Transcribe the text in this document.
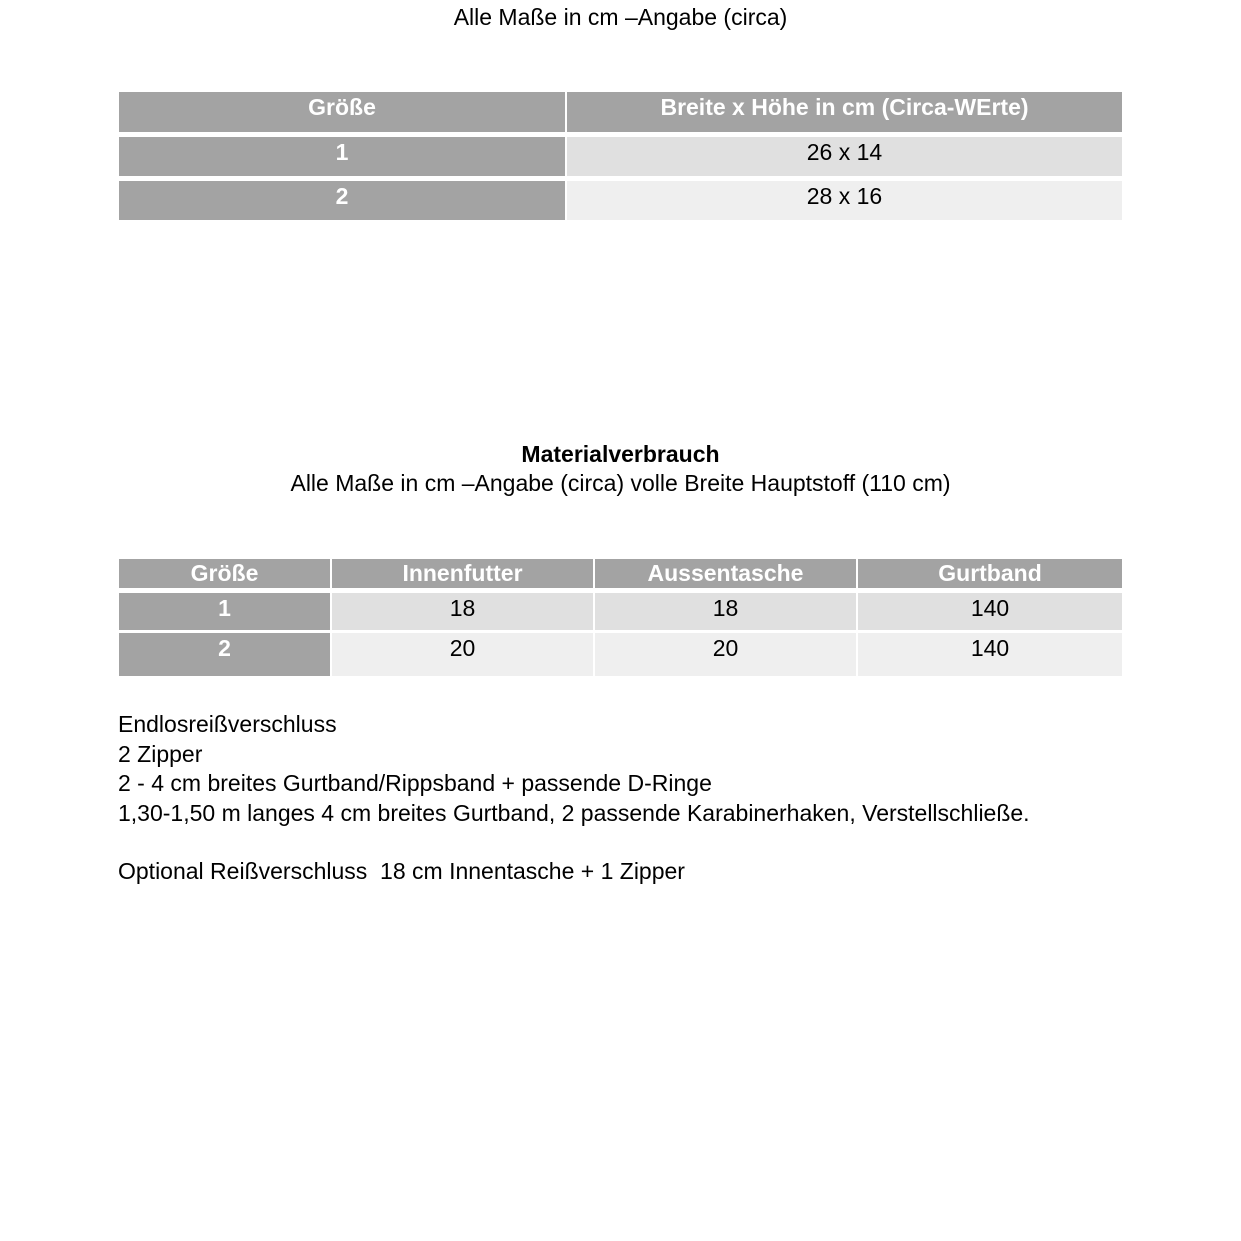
Alle Maße in cm –Angabe (circa)
Größe	Breite x Höhe in cm (Circa-WErte)
1	26 x 14
2	28 x 16
Materialverbrauch
Alle Maße in cm –Angabe (circa) volle Breite Hauptstoff (110 cm)
Größe	Innenfutter	Aussentasche	Gurtband
1	18	18	140
2	20	20	140
Endlosreißverschluss
2 Zipper
2 - 4 cm breites Gurtband/Rippsband + passende D-Ringe
1,30-1,50 m langes 4 cm breites Gurtband, 2 passende Karabinerhaken, Verstellschließe.
Optional Reißverschluss  18 cm Innentasche + 1 Zipper
